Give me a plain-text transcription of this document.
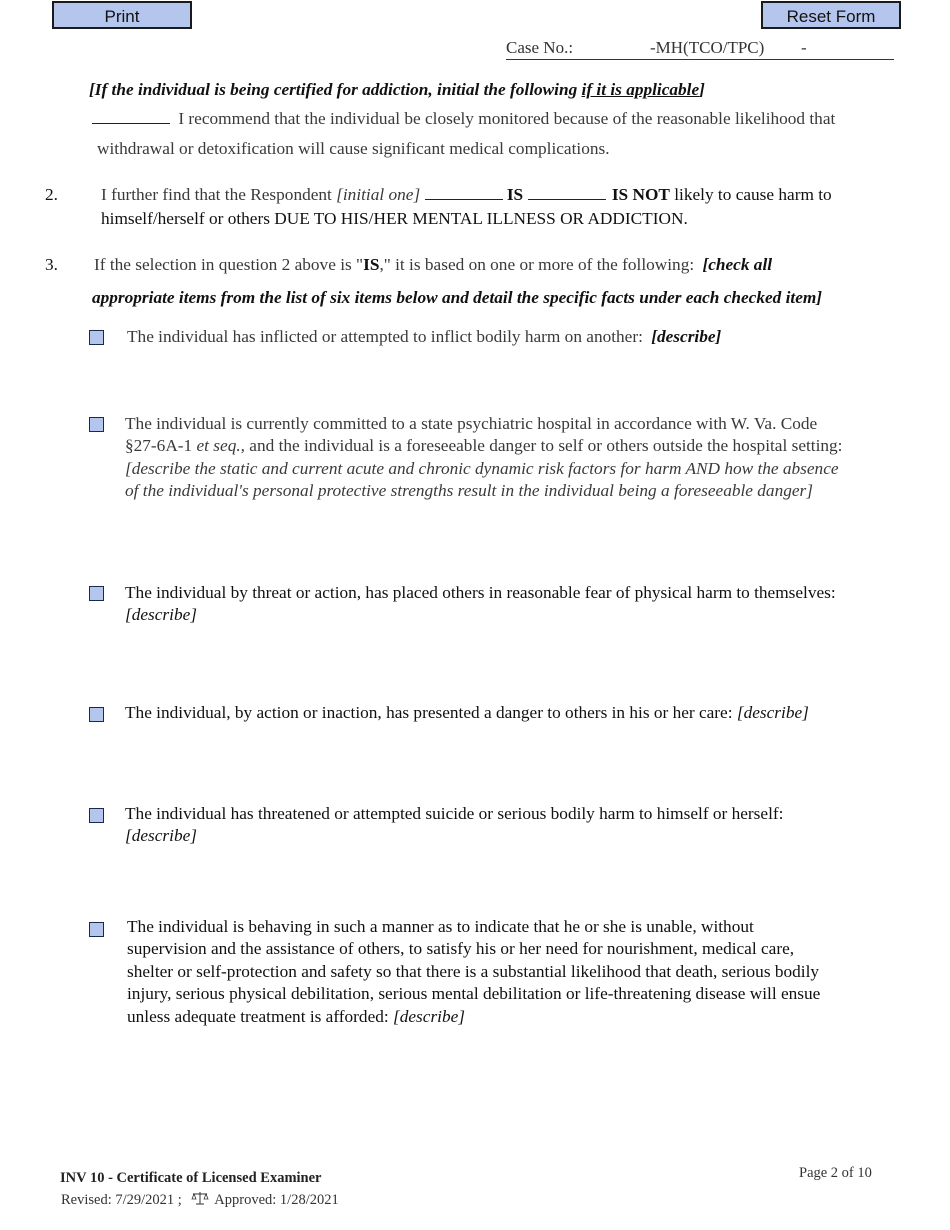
Print	Reset Form
Case No.:	-MH(TCO/TPC) -
[If the individual is being certified for addiction, initial the following if it is applicable]
I recommend that the individual be closely monitored because of the reasonable likelihood that
withdrawal or detoxification will cause significant medical complications.
2. I further find that the Respondent [initial one]	IS	IS NOT likely to cause harm to
himself/herself or others DUE TO HIS/HER MENTAL ILLNESS OR ADDICTION.
3. If the selection in question 2 above is "IS," it is based on one or more of the following: [check all
appropriate items from the list of six items below and detail the specific facts under each checked item]
The individual has inflicted or attempted to inflict bodily harm on another: [describe]
The individual is currently committed to a state psychiatric hospital in accordance with W. Va. Code
§27-6A-1 et seq., and the individual is a foreseeable danger to self or others outside the hospital setting:
[describe the static and current acute and chronic dynamic risk factors for harm AND how the absence
of the individual's personal protective strengths result in the individual being a foreseeable danger]
The individual by threat or action, has placed others in reasonable fear of physical harm to themselves:
[describe]
The individual, by action or inaction, has presented a danger to others in his or her care: [describe]
The individual has threatened or attempted suicide or serious bodily harm to himself or herself:
[describe]
The individual is behaving in such a manner as to indicate that he or she is unable, without
supervision and the assistance of others, to satisfy his or her need for nourishment, medical care,
shelter or self-protection and safety so that there is a substantial likelihood that death, serious bodily
injury, serious physical debilitation, serious mental debilitation or life-threatening disease will ensue
unless adequate treatment is afforded: [describe]
INV 10 - Certificate of Licensed Examiner
Revised: 7/29/2021 ; Approved: 1/28/2021
Page 2 of 10
